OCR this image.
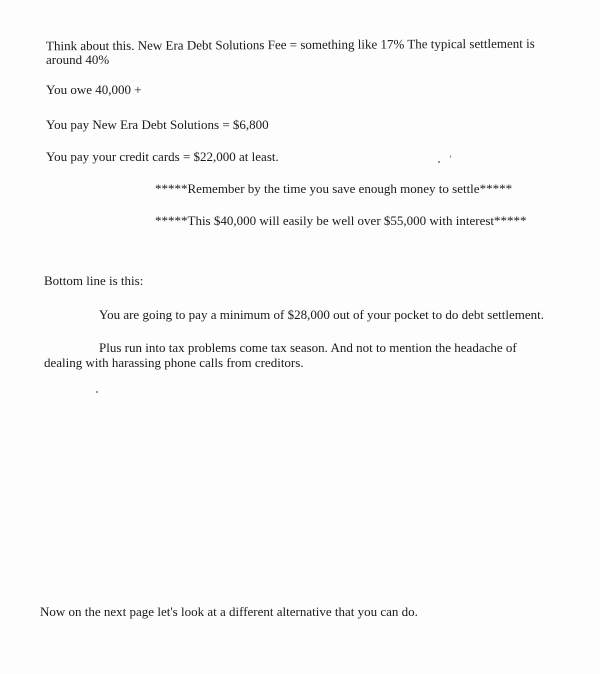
Think about this. New Era Debt Solutions Fee = something like 17% The typical settlement is
around 40%
You owe 40,000 +
You pay New Era Debt Solutions = $6,800
You pay your credit cards = $22,000 at least.
*****Remember by the time you save enough money to settle*****
*****This $40,000 will easily be well over $55,000 with interest*****
Bottom line is this:
You are going to pay a minimum of $28,000 out of your pocket to do debt settlement.
Plus run into tax problems come tax season. And not to mention the headache of
dealing with harassing phone calls from creditors.
Now on the next page let's look at a different alternative that you can do.
